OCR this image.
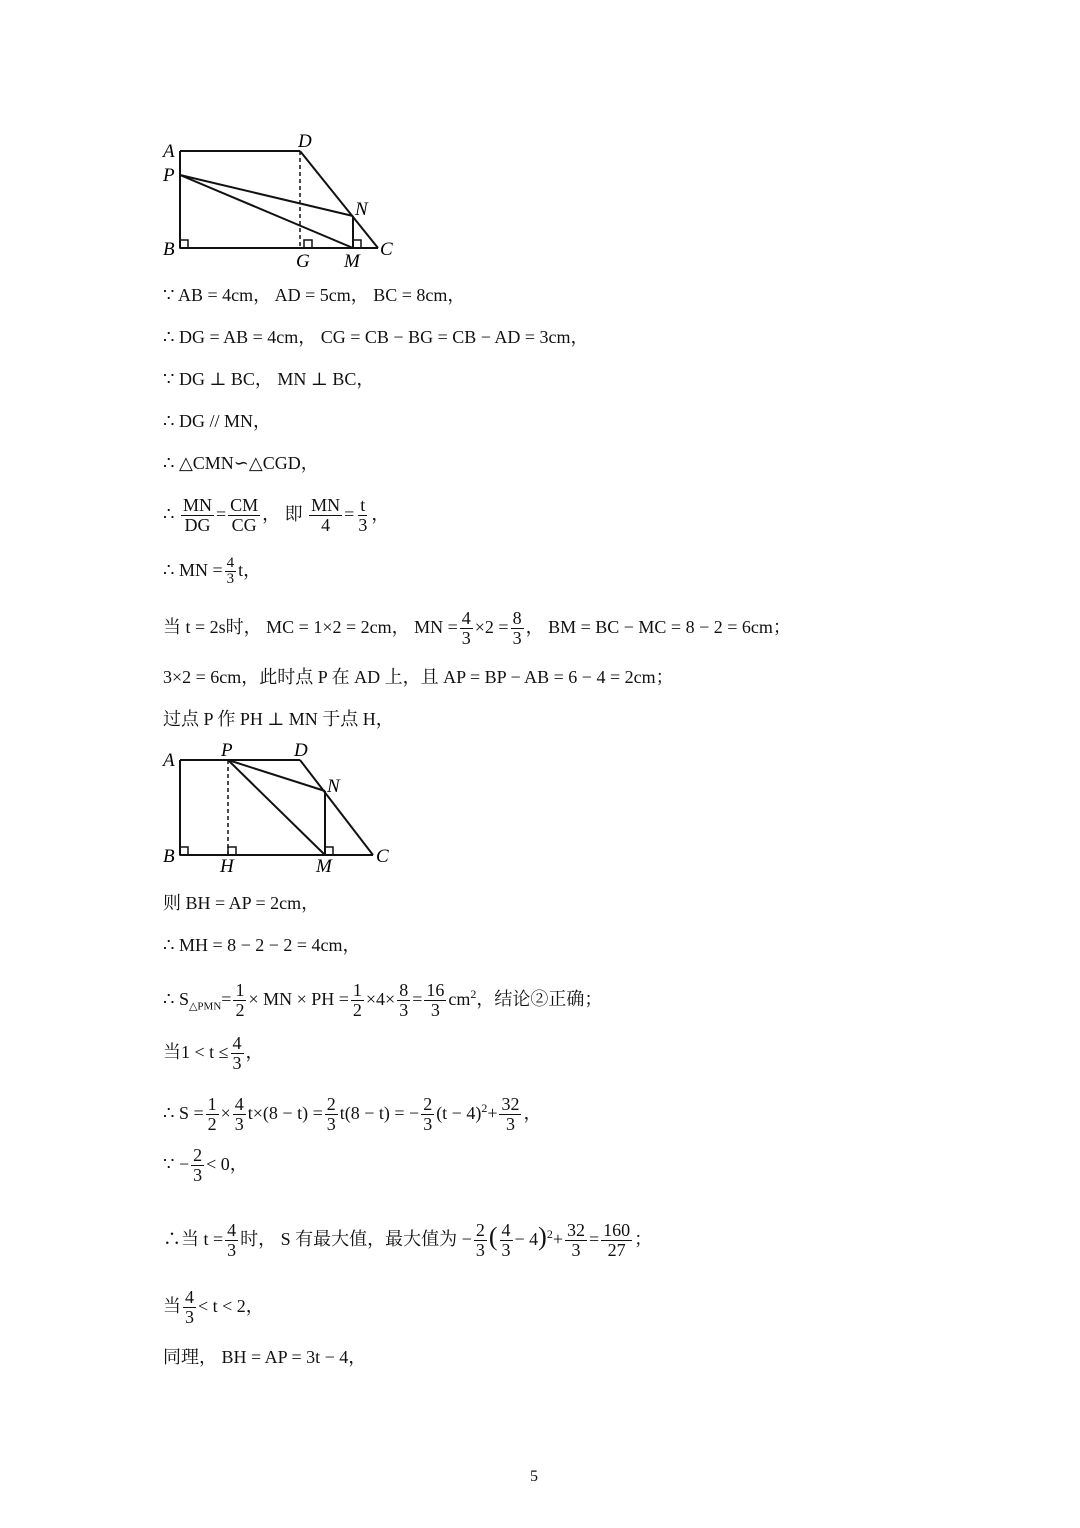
A	D
P
N
B
G M
C
∵ AB = 4cm， AD = 5cm， BC = 8cm，
∴ DG = AB = 4cm， CG = CB − BG = CB − AD = 3cm，
∵ DG ⊥ BC， MN ⊥ BC，
∴ DG // MN，
∴ △CMN∽△CGD，
∴ $\frac{MN}{DG} = \frac{CM}{CG}$ ， 即 $\frac{MN}{4} = \frac{t}{3}$ ，
∴ MN = $\frac{4}{3}$ t，
当 t = 2s时， MC = 1×2 = 2cm， MN = $\frac{4}{3} \times 2 = \frac{8}{3}$ ， BM = BC − MC = 8 − 2 = 6cm；
3×2 = 6cm，此时点 P 在 AD 上，且 AP = BP − AB = 6 − 4 = 2cm；
过点 P 作 PH ⊥ MN 于点 H，
A P	D
N
B H	M C
则 BH = AP = 2cm，
∴ MH = 8 − 2 − 2 = 4cm，
∴ $S_{\triangle PMN}= \frac{1}{2}$ × MN × PH = $\frac{1}{2} \times 4\times \frac{8}{3} = \frac{16}{3} cm^2$，结论②正确；
当$1 < t \le \frac{4}{3}$ ，
∴ $S = \frac{1}{2} \times \frac{4}{3} t\times(8 - t) = \frac{2}{3} t(8 - t)$ = − $\frac{2}{3} (t - 4)^2+ \frac{32}{3}$ ，
∵ − $\frac{2}{3} < 0$，
∴当 $t = \frac{4}{3}$ 时， S 有最大值，最大值为 − $\frac{2}{3}$ ( $\frac{4}{3} - 4)^2+ \frac{32}{3} = \frac{160}{27}$ ；
当 $\frac{4}{3} < t < 2$，
同理， BH = AP = 3t − 4，
5
